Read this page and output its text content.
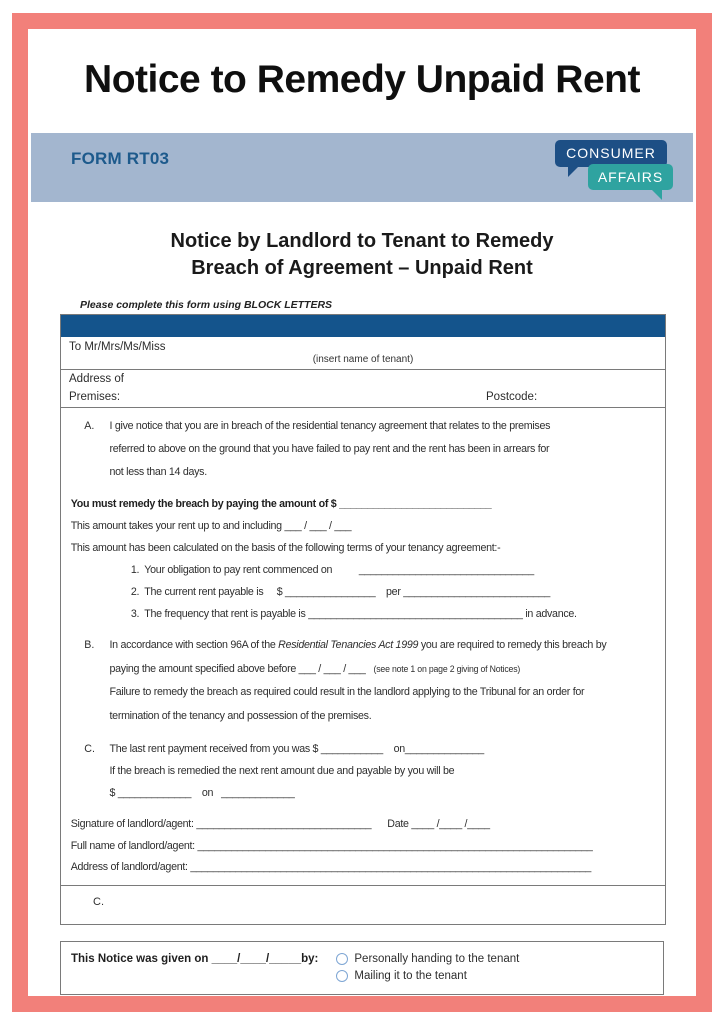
Notice to Remedy Unpaid Rent
FORM RT03	CONSUMER
AFFAIRS
Notice by Landlord to Tenant to Remedy
Breach of Agreement – Unpaid Rent
Please complete this form using BLOCK LETTERS
To Mr/Mrs/Ms/Miss
(insert name of tenant)
Address of
Premises:	Postcode:
A.	I give notice that you are in breach of the residential tenancy agreement that relates to the premises
referred to above on the ground that you have failed to pay rent and the rent has been in arrears for
not less than 14 days.
You must remedy the breach by paying the amount of $ ___________________________
This amount takes your rent up to and including ___ / ___ / ___
This amount has been calculated on the basis of the following terms of your tenancy agreement:-
1.  Your obligation to pay rent commenced on          _______________________________
2.  The current rent payable is     $ ________________    per __________________________
3.  The frequency that rent is payable is ______________________________________ in advance.
B.	In accordance with section 96A of the Residential Tenancies Act 1999 you are required to remedy this breach by
paying the amount specified above before ___ / ___ / ___   (see note 1 on page 2 giving of Notices)
Failure to remedy the breach as required could result in the landlord applying to the Tribunal for an order for
termination of the tenancy and possession of the premises.
C.	The last rent payment received from you was $ ___________    on______________
If the breach is remedied the next rent amount due and payable by you will be
$ _____________    on   _____________
Signature of landlord/agent: _______________________________      Date ____ /____ /____
Full name of landlord/agent: ______________________________________________________________________
Address of landlord/agent: _______________________________________________________________________
C.
This Notice was given on ____/____/_____by:	Personally handing to the tenant
Mailing it to the tenant
